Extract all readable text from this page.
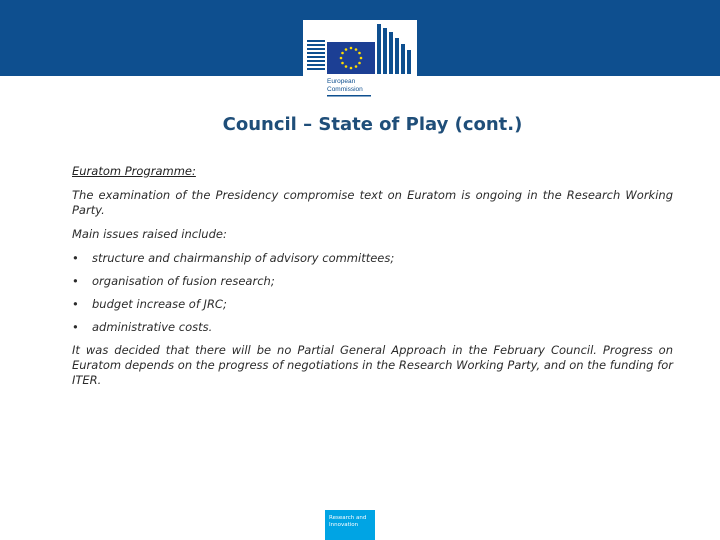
European
Commission
Council – State of Play (cont.)

Euratom Programme:

The examination of the Presidency compromise text on Euratom is ongoing in the Research Working Party.

Main issues raised include:

• structure and chairmanship of advisory committees;
• organisation of fusion research;
• budget increase of JRC;
• administrative costs.

It was decided that there will be no Partial General Approach in the February Council. Progress on Euratom depends on the progress of negotiations in the Research Working Party, and on the funding for ITER.

Research and
Innovation
